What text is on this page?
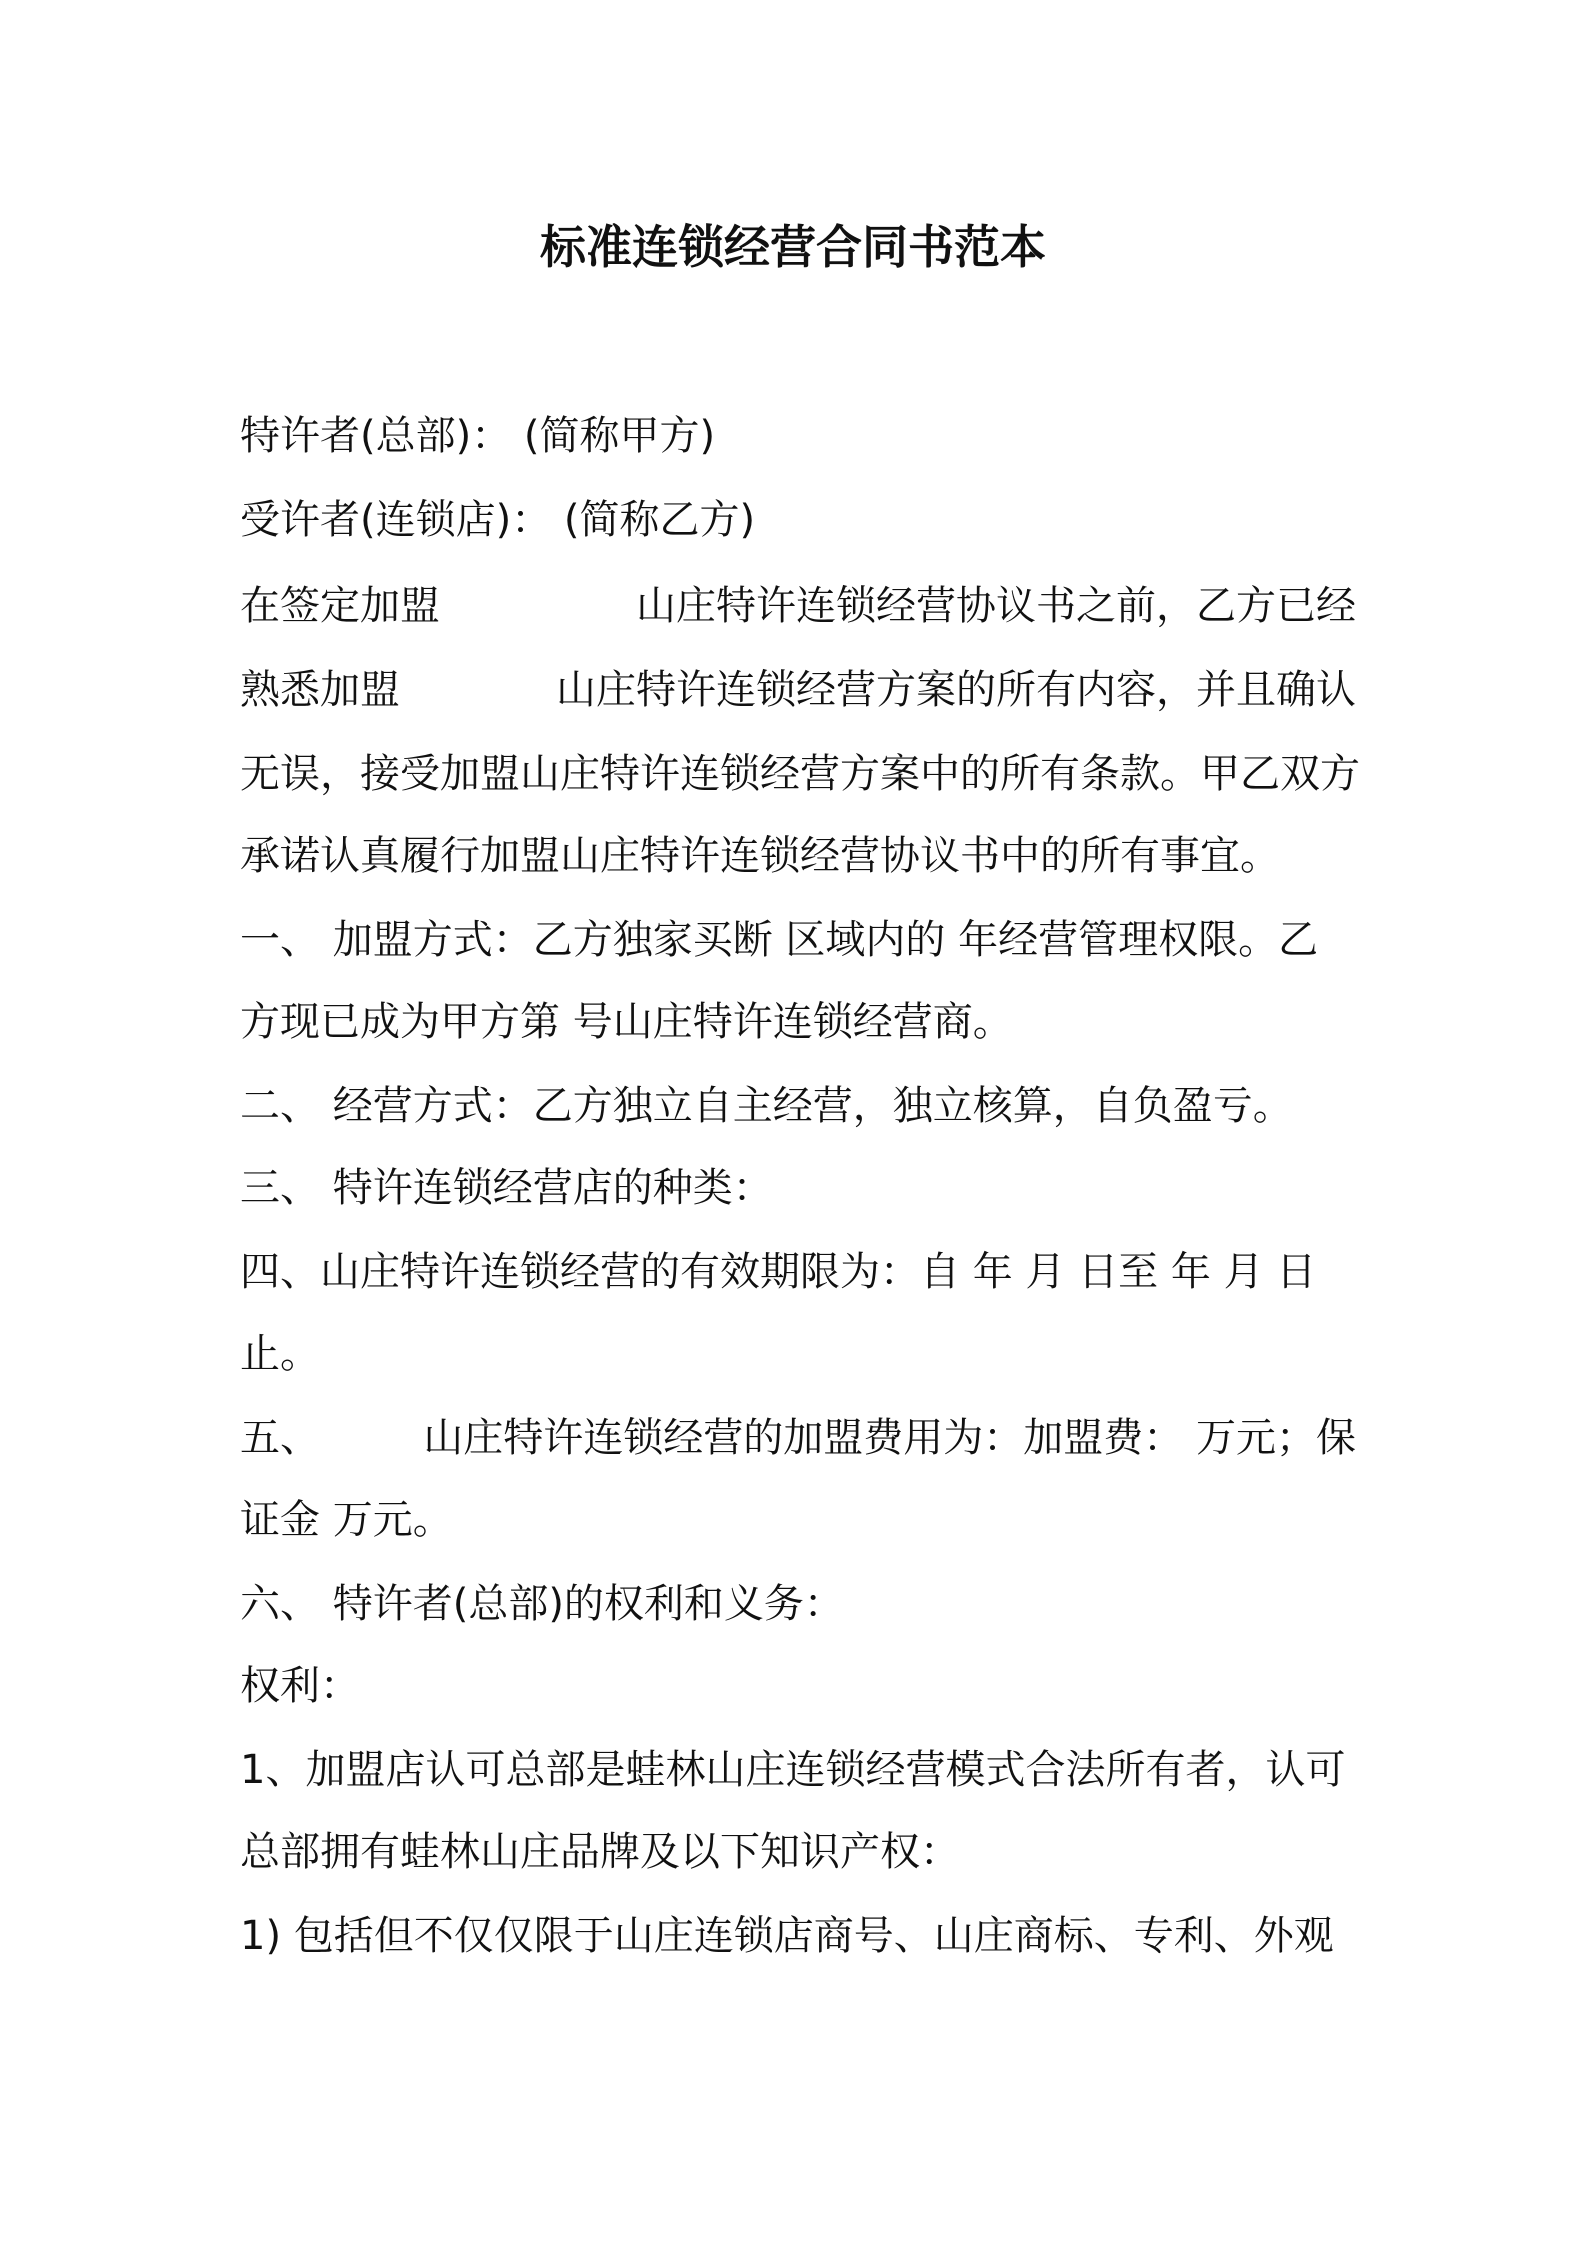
标准连锁经营合同书范本

特许者(总部)： (简称甲方)

受许者(连锁店)： (简称乙方)

在签定加盟	山庄特许连锁经营协议书之前，乙方已经

熟悉加盟	山庄特许连锁经营方案的所有内容，并且确认

无误，接受加盟山庄特许连锁经营方案中的所有条款。甲乙双方

承诺认真履行加盟山庄特许连锁经营协议书中的所有事宜。

一、 加盟方式：乙方独家买断 区域内的 年经营管理权限。乙

方现已成为甲方第 号山庄特许连锁经营商。

二、 经营方式：乙方独立自主经营，独立核算，自负盈亏。

三、 特许连锁经营店的种类：

四、山庄特许连锁经营的有效期限为：自 年 月 日至 年 月 日

止。

五、	山庄特许连锁经营的加盟费用为：加盟费： 万元；保

证金 万元。

六、 特许者(总部)的权利和义务：

权利：

1、加盟店认可总部是蛙林山庄连锁经营模式合法所有者，认可

总部拥有蛙林山庄品牌及以下知识产权：

1) 包括但不仅仅限于山庄连锁店商号、山庄商标、专利、外观
